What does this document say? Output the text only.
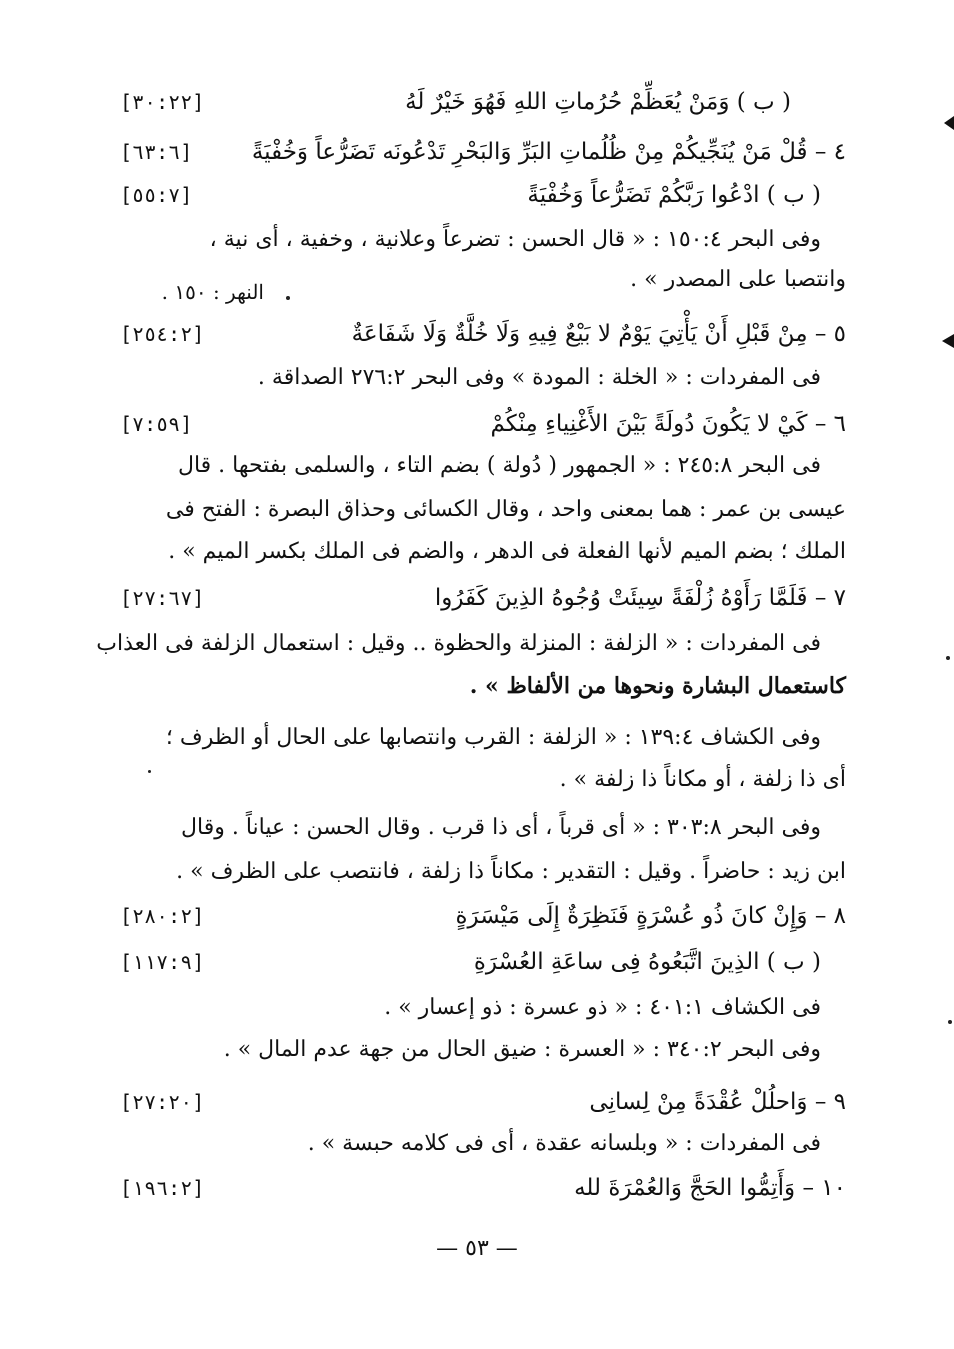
( ب ) وَمَنْ يُعَظِّمْ حُرُماتِ اللهِ فَهُوَ خَيْرٌ لَهُ
[٣٠:٢٢]
٤ – قُلْ مَنْ يُنَجِّيكُمْ مِنْ ظُلُماتِ البَرِّ وَالبَحْرِ تَدْعُونَه تَضَرُّعاً وَخُفْيَةً
[٦٣:٦]
( ب ) ادْعُوا رَبَّكُمْ تَضَرُّعاً وَخُفْيَةً
[٥٥:٧]
وفى البحر ١٥٠:٤ : « قال الحسن : تضرعاً وعلانية ، وخفية ، أى نية ،
وانتصبا على المصدر » .
النهر : ١٥٠ .
٥ – مِنْ قَبْلِ أَنْ يَأْتِيَ يَوْمٌ لا بَيْعٌ فِيهِ وَلَا خُلَّةٌ وَلَا شَفَاعَةٌ
[٢٥٤:٢]
فى المفردات : « الخلة : المودة » وفى البحر ٢٧٦:٢ الصداقة .
٦ – كَيْ لا يَكُونَ دُولَةً بَيْنَ الأَغْنِياءِ مِنْكُمْ
[٧:٥٩]
فى البحر ٢٤٥:٨ : « الجمهور ( دُولة ) بضم التاء ، والسلمى بفتحها . قال
عيسى بن عمر : هما بمعنى واحد ، وقال الكسائى وحذاق البصرة : الفتح فى
الملك ؛ بضم الميم لأنها الفعلة فى الدهر ، والضم فى الملك بكسر الميم » .
٧ – فَلَمَّا رَأَوْهُ زُلْفَةً سِيئَتْ وُجُوهُ الذِينَ كَفَرُوا
[٢٧:٦٧]
فى المفردات : « الزلفة : المنزلة والحظوة .. وقيل : استعمال الزلفة فى العذاب
كاستعمال البشارة ونحوها من الألفاظ » .
وفى الكشاف ١٣٩:٤ : « الزلفة : القرب وانتصابها على الحال أو الظرف ؛
أى ذا زلفة ، أو مكاناً ذا زلفة » .
وفى البحر ٣٠٣:٨ : « أى قرباً ، أى ذا قرب . وقال الحسن : عياناً . وقال
ابن زيد : حاضراً . وقيل : التقدير : مكاناً ذا زلفة ، فانتصب على الظرف » .
٨ – وَإِنْ كانَ ذُو عُسْرَةٍ فَنَظِرَةٌ إِلَى مَيْسَرَةٍ
[٢٨٠:٢]
( ب ) الذِينَ اتَّبَعُوهُ فِى ساعَةِ العُسْرَةِ
[١١٧:٩]
فى الكشاف ٤٠١:١ : « ذو عسرة : ذو إعسار » .
وفى البحر ٣٤٠:٢ : « العسرة : ضيق الحال من جهة عدم المال » .
٩ – وَاحلُلْ عُقْدَةً مِنْ لِسانِى
[٢٧:٢٠]
فى المفردات : « وبلسانه عقدة ، أى فى كلامه حبسة » .
١٠ – وَأَتِمُّوا الحَجَّ وَالعُمْرَةَ لله
[١٩٦:٢]
— ٥٣ —
